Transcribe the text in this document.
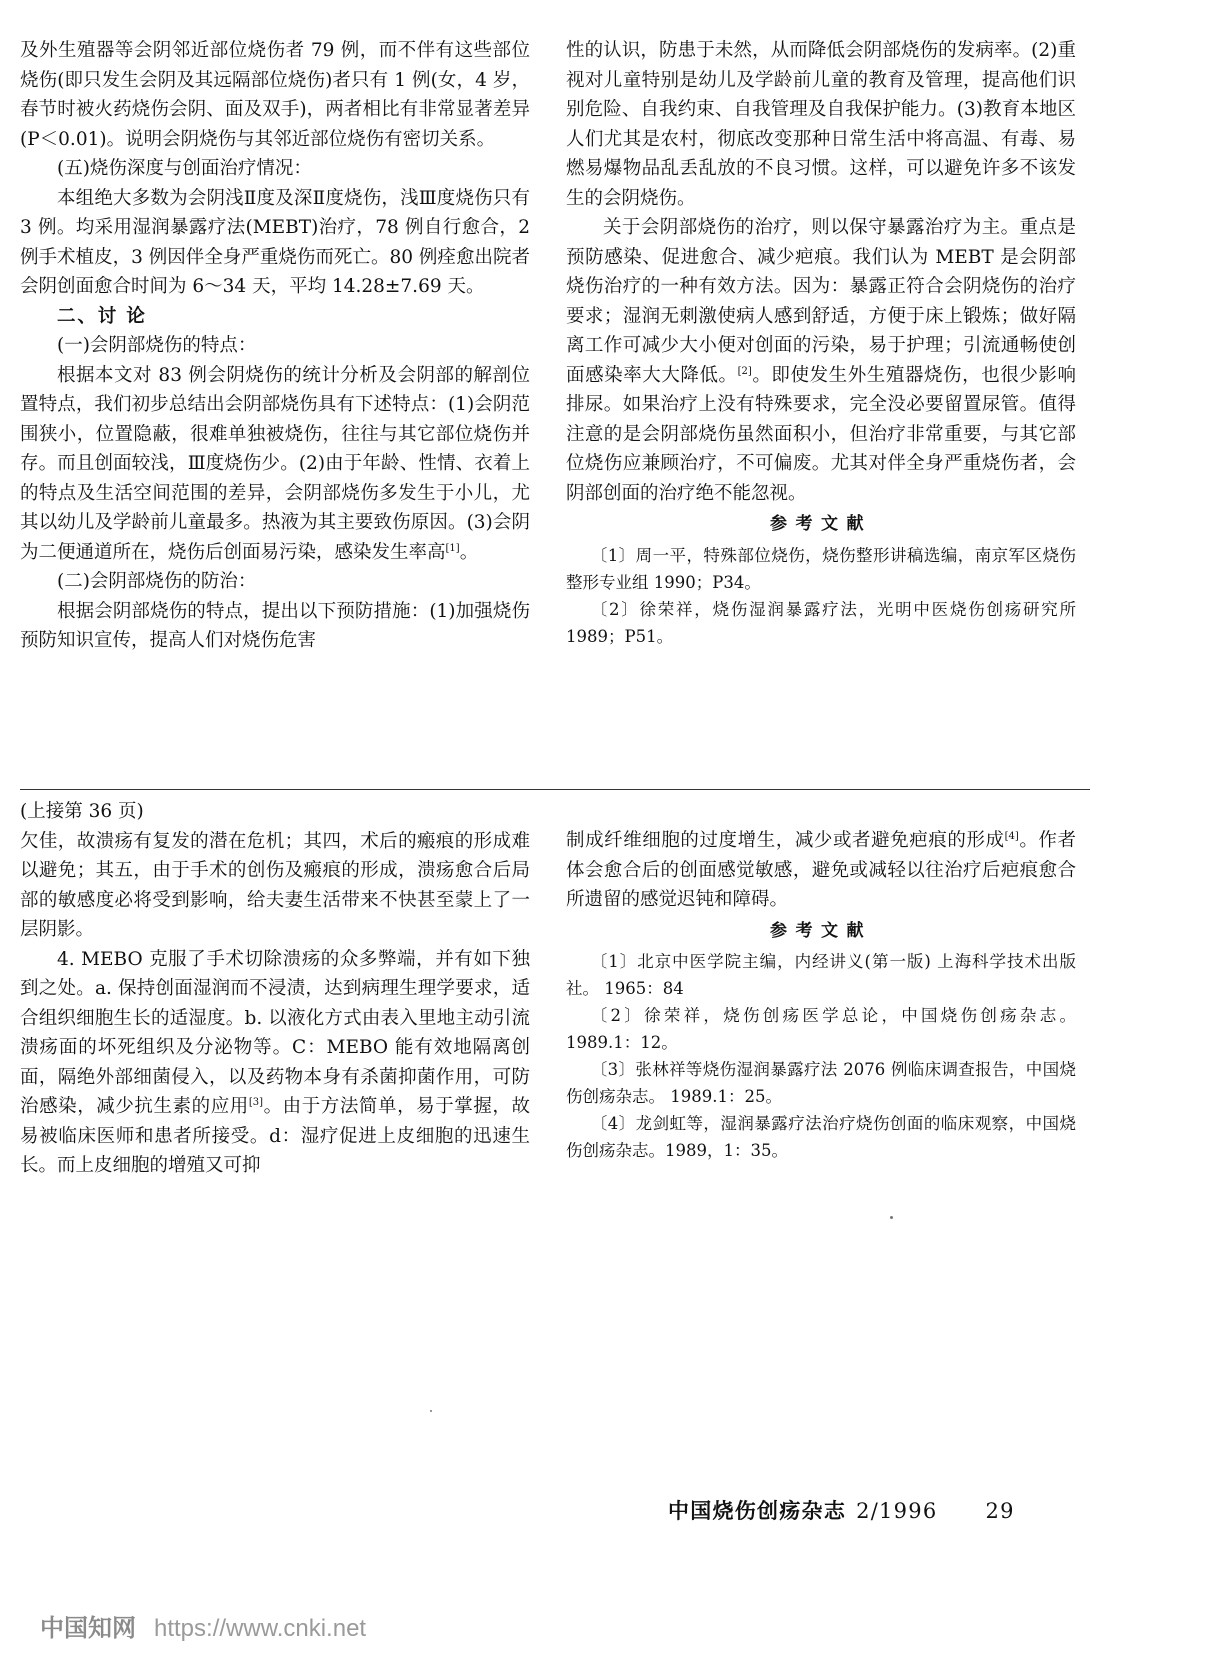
及外生殖器等会阴邻近部位烧伤者 79 例，而不伴有这些部位烧伤(即只发生会阴及其远隔部位烧伤)者只有 1 例(女，4 岁，春节时被火药烧伤会阴、面及双手)，两者相比有非常显著差异(P＜0.01)。说明会阴烧伤与其邻近部位烧伤有密切关系。

(五)烧伤深度与创面治疗情况：

本组绝大多数为会阴浅Ⅱ度及深Ⅱ度烧伤，浅Ⅲ度烧伤只有 3 例。均采用湿润暴露疗法(MEBT)治疗，78 例自行愈合，2 例手术植皮，3 例因伴全身严重烧伤而死亡。80 例痊愈出院者会阴创面愈合时间为 6～34 天，平均 14.28±7.69 天。

二、讨 论

(一)会阴部烧伤的特点：

根据本文对 83 例会阴烧伤的统计分析及会阴部的解剖位置特点，我们初步总结出会阴部烧伤具有下述特点：(1)会阴范围狭小，位置隐蔽，很难单独被烧伤，往往与其它部位烧伤并存。而且创面较浅，Ⅲ度烧伤少。(2)由于年龄、性情、衣着上的特点及生活空间范围的差异，会阴部烧伤多发生于小儿，尤其以幼儿及学龄前儿童最多。热液为其主要致伤原因。(3)会阴为二便通道所在，烧伤后创面易污染，感染发生率高[1]。

(二)会阴部烧伤的防治：

根据会阴部烧伤的特点，提出以下预防措施：(1)加强烧伤预防知识宣传，提高人们对烧伤危害

性的认识，防患于未然，从而降低会阴部烧伤的发病率。(2)重视对儿童特别是幼儿及学龄前儿童的教育及管理，提高他们识别危险、自我约束、自我管理及自我保护能力。(3)教育本地区人们尤其是农村，彻底改变那种日常生活中将高温、有毒、易燃易爆物品乱丢乱放的不良习惯。这样，可以避免许多不该发生的会阴烧伤。

关于会阴部烧伤的治疗，则以保守暴露治疗为主。重点是预防感染、促进愈合、减少疤痕。我们认为 MEBT 是会阴部烧伤治疗的一种有效方法。因为：暴露正符合会阴烧伤的治疗要求；湿润无刺激使病人感到舒适，方便于床上锻炼；做好隔离工作可减少大小便对创面的污染，易于护理；引流通畅使创面感染率大大降低。[2]。即使发生外生殖器烧伤，也很少影响排尿。如果治疗上没有特殊要求，完全没必要留置尿管。值得注意的是会阴部烧伤虽然面积小，但治疗非常重要，与其它部位烧伤应兼顾治疗，不可偏废。尤其对伴全身严重烧伤者，会阴部创面的治疗绝不能忽视。

参考文献

〔1〕周一平，特殊部位烧伤，烧伤整形讲稿选编，南京军区烧伤整形专业组 1990；P34。

〔2〕徐荣祥，烧伤湿润暴露疗法，光明中医烧伤创疡研究所 1989；P51。

(上接第 36 页)

欠佳，故溃疡有复发的潜在危机；其四，术后的瘢痕的形成难以避免；其五，由于手术的创伤及瘢痕的形成，溃疡愈合后局部的敏感度必将受到影响，给夫妻生活带来不快甚至蒙上了一层阴影。

4. MEBO 克服了手术切除溃疡的众多弊端，并有如下独到之处。a. 保持创面湿润而不浸渍，达到病理生理学要求，适合组织细胞生长的适湿度。b. 以液化方式由表入里地主动引流溃疡面的坏死组织及分泌物等。C：MEBO 能有效地隔离创面，隔绝外部细菌侵入，以及药物本身有杀菌抑菌作用，可防治感染，减少抗生素的应用[3]。由于方法简单，易于掌握，故易被临床医师和患者所接受。d：湿疗促进上皮细胞的迅速生长。而上皮细胞的增殖又可抑

制成纤维细胞的过度增生，减少或者避免疤痕的形成[4]。作者体会愈合后的创面感觉敏感，避免或减轻以往治疗后疤痕愈合所遗留的感觉迟钝和障碍。

参考文献

〔1〕北京中医学院主编，内经讲义(第一版) 上海科学技术出版社。 1965：84

〔2〕徐荣祥，烧伤创疡医学总论，中国烧伤创疡杂志。 1989.1：12。

〔3〕张林祥等烧伤湿润暴露疗法 2076 例临床调查报告，中国烧伤创疡杂志。 1989.1：25。

〔4〕龙剑虹等，湿润暴露疗法治疗烧伤创面的临床观察，中国烧伤创疡杂志。1989，1：35。

中国烧伤创疡杂志 2/1996 29
中国知网 https://www.cnki.net
